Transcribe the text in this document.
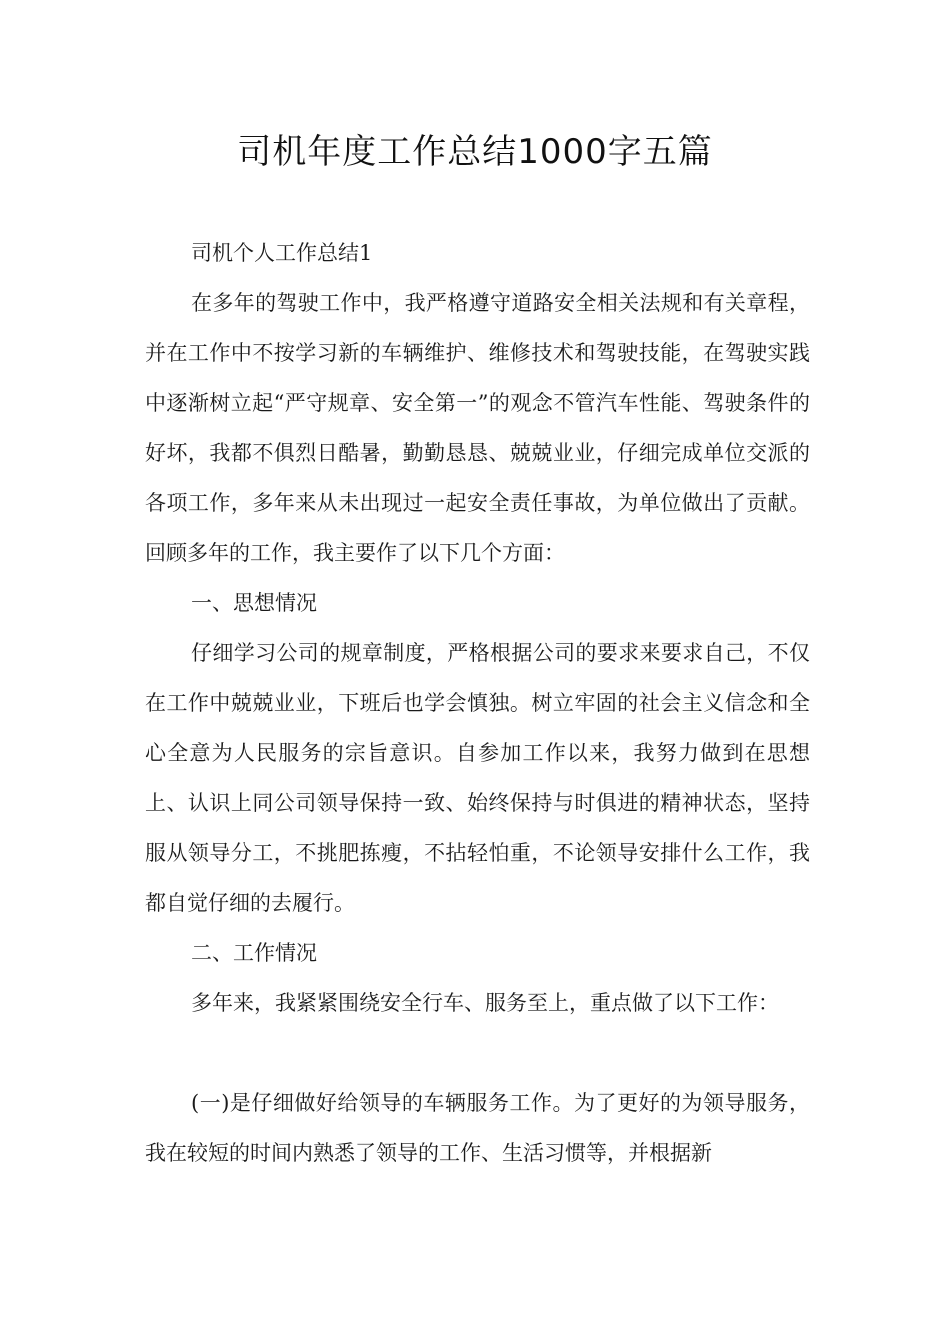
司机年度工作总结1000字五篇

司机个人工作总结1

在多年的驾驶工作中，我严格遵守道路安全相关法规和有关章程，并在工作中不按学习新的车辆维护、维修技术和驾驶技能，在驾驶实践中逐渐树立起“严守规章、安全第一”的观念不管汽车性能、驾驶条件的好坏，我都不俱烈日酷暑，勤勤恳恳、兢兢业业，仔细完成单位交派的各项工作，多年来从未出现过一起安全责任事故，为单位做出了贡献。回顾多年的工作，我主要作了以下几个方面：

一、思想情况

仔细学习公司的规章制度，严格根据公司的要求来要求自己，不仅在工作中兢兢业业，下班后也学会慎独。树立牢固的社会主义信念和全心全意为人民服务的宗旨意识。自参加工作以来，我努力做到在思想上、认识上同公司领导保持一致、始终保持与时俱进的精神状态，坚持服从领导分工，不挑肥拣瘦，不拈轻怕重，不论领导安排什么工作，我都自觉仔细的去履行。

二、工作情况

多年来，我紧紧围绕安全行车、服务至上，重点做了以下工作：

(一)是仔细做好给领导的车辆服务工作。为了更好的为领导服务，我在较短的时间内熟悉了领导的工作、生活习惯等，并根据新
